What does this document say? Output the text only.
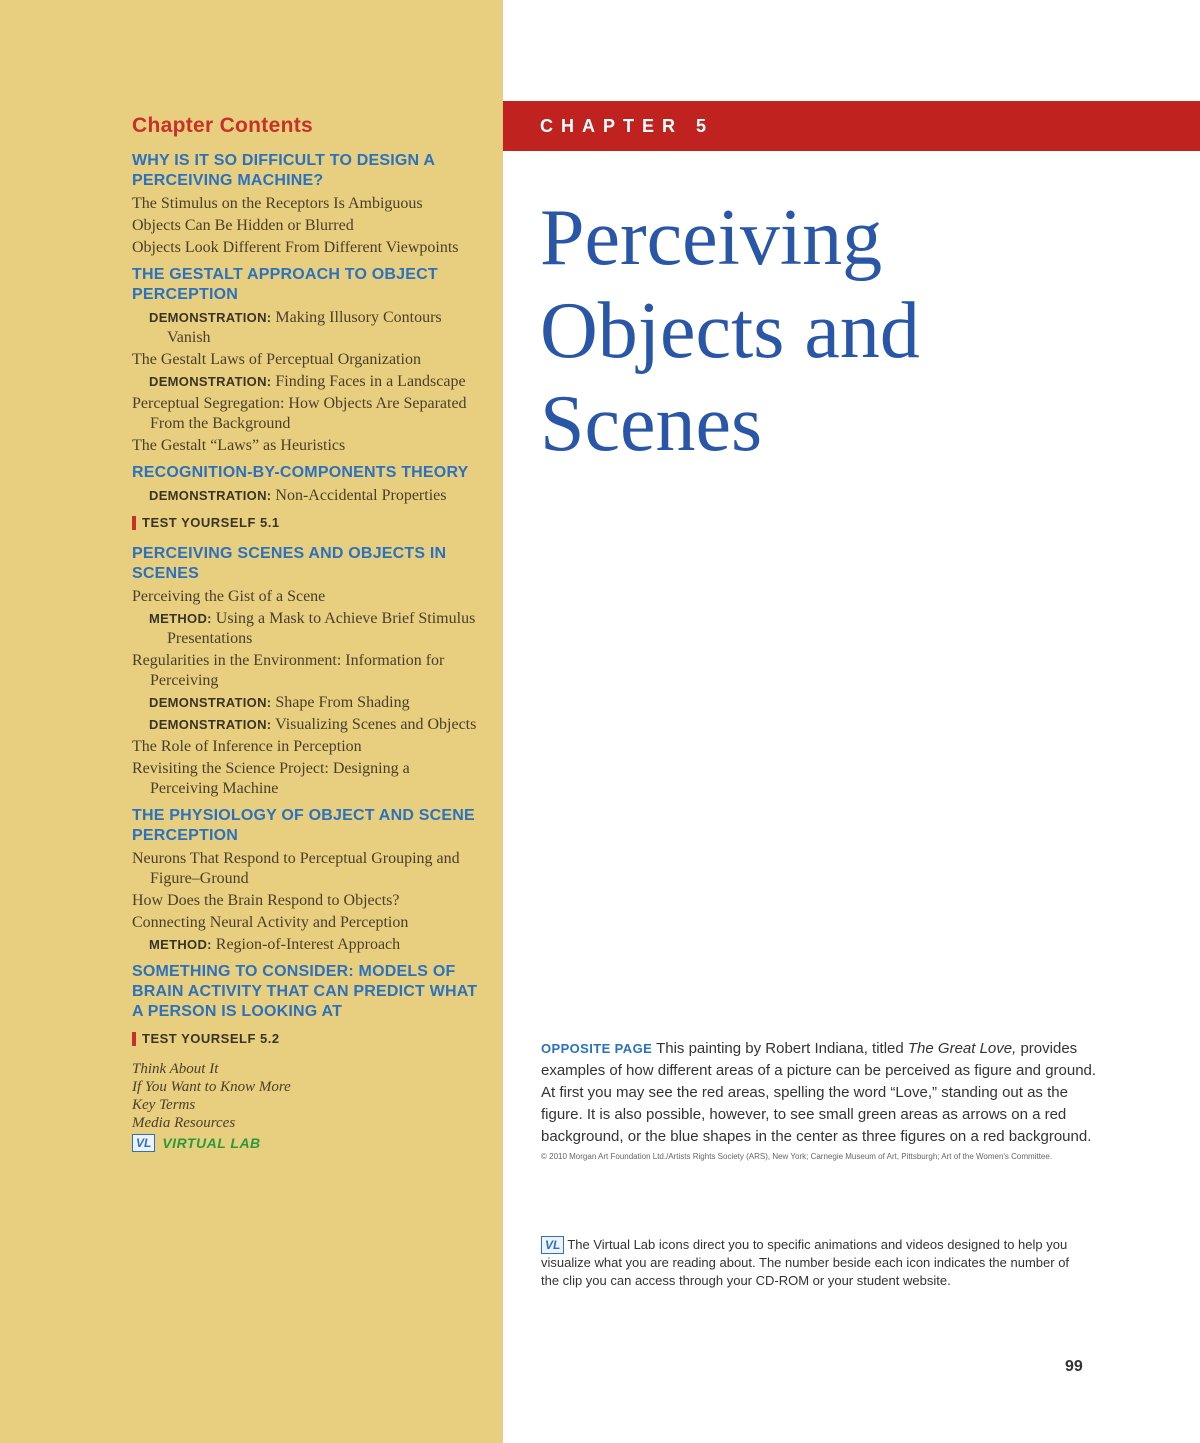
Chapter Contents
WHY IS IT SO DIFFICULT TO DESIGN A PERCEIVING MACHINE?
The Stimulus on the Receptors Is Ambiguous
Objects Can Be Hidden or Blurred
Objects Look Different From Different Viewpoints
THE GESTALT APPROACH TO OBJECT PERCEPTION
DEMONSTRATION: Making Illusory Contours Vanish
The Gestalt Laws of Perceptual Organization
DEMONSTRATION: Finding Faces in a Landscape
Perceptual Segregation: How Objects Are Separated From the Background
The Gestalt “Laws” as Heuristics
RECOGNITION-BY-COMPONENTS THEORY
DEMONSTRATION: Non-Accidental Properties
TEST YOURSELF 5.1
PERCEIVING SCENES AND OBJECTS IN SCENES
Perceiving the Gist of a Scene
METHOD: Using a Mask to Achieve Brief Stimulus Presentations
Regularities in the Environment: Information for Perceiving
DEMONSTRATION: Shape From Shading
DEMONSTRATION: Visualizing Scenes and Objects
The Role of Inference in Perception
Revisiting the Science Project: Designing a Perceiving Machine
THE PHYSIOLOGY OF OBJECT AND SCENE PERCEPTION
Neurons That Respond to Perceptual Grouping and Figure–Ground
How Does the Brain Respond to Objects?
Connecting Neural Activity and Perception
METHOD: Region-of-Interest Approach
SOMETHING TO CONSIDER: MODELS OF BRAIN ACTIVITY THAT CAN PREDICT WHAT A PERSON IS LOOKING AT
TEST YOURSELF 5.2
Think About It
If You Want to Know More
Key Terms
Media Resources
VL VIRTUAL LAB
CHAPTER 5
Perceiving
Objects and
Scenes
OPPOSITE PAGE This painting by Robert Indiana, titled The Great Love, provides examples of how different areas of a picture can be perceived as figure and ground. At first you may see the red areas, spelling the word “Love,” standing out as the figure. It is also possible, however, to see small green areas as arrows on a red background, or the blue shapes in the center as three figures on a red background.
© 2010 Morgan Art Foundation Ltd./Artists Rights Society (ARS), New York; Carnegie Museum of Art, Pittsburgh; Art of the Women's Committee.
VL The Virtual Lab icons direct you to specific animations and videos designed to help you visualize what you are reading about. The number beside each icon indicates the number of the clip you can access through your CD-ROM or your student website.
99
